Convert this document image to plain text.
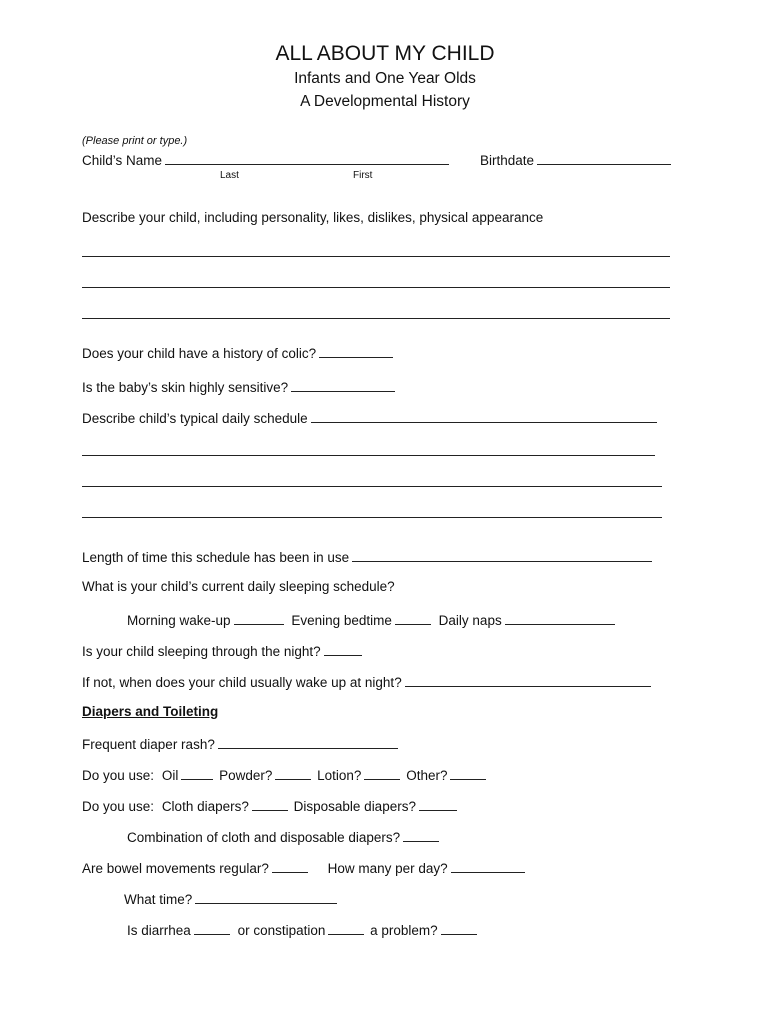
ALL ABOUT MY CHILD
Infants and One Year Olds
A Developmental History
(Please print or type.)
Child’s Name	Birthdate
Last	First
Describe your child, including personality, likes, dislikes, physical appearance
Does your child have a history of colic?
Is the baby’s skin highly sensitive?
Describe child’s typical daily schedule
Length of time this schedule has been in use
What is your child’s current daily sleeping schedule?
Morning wake-up	Evening bedtime	Daily naps
Is your child sleeping through the night?
If not, when does your child usually wake up at night?
Diapers and Toileting
Frequent diaper rash?
Do you use: Oil	Powder?	Lotion?	Other?
Do you use: Cloth diapers?	Disposable diapers?
Combination of cloth and disposable diapers?
Are bowel movements regular?	How many per day?
What time?
Is diarrhea	or constipation	a problem?
